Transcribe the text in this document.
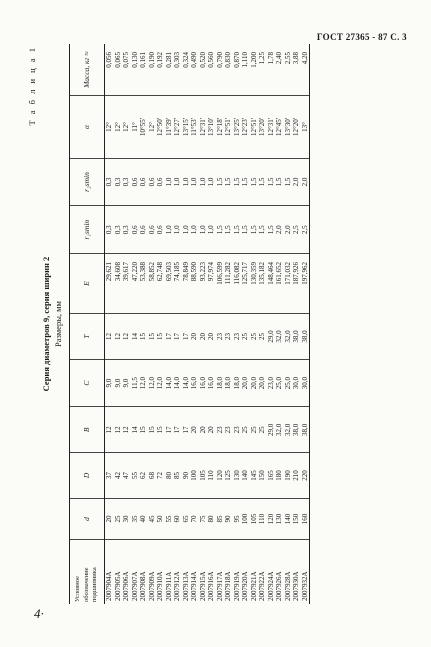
ГОСТ 27365 - 87 С. 3
Т а б л и ц а 1
Серия диаметров 9, серия ширин 2 Размеры, мм
Условное обозначение подшипника	d	D	B	C	T	E	r₁smin	r₂smin	α	Масса, кг ≈
2007904A	20	37	12	9,0	12	29,621	0,3	0,3	12°	0,056
2007905A	25	42	12	9,0	12	34,608	0,3	0,3	12°	0,065
2007906A	30	47	12	9,0	12	39,617	0,3	0,3	12°	0,075
2007907A	35	55	14	11,5	14	47,220	0,6	0,6	11°	0,130
2007908A	40	62	15	12,0	15	53,388	0,6	0,6	10°55'	0,161
2007909A	45	68	15	12,0	15	58,852	0,6	0,6	12°	0,190
2007910A	50	72	15	12,0	15	62,748	0,6	0,6	12°50'	0,192
2007911A	55	80	17	14,0	17	69,503	1,0	1,0	11°39'	0,281
2007912A	60	85	17	14,0	17	74,185	1,0	1,0	12°27'	0,303
2007913A	65	90	17	14,0	17	78,849	1,0	1,0	13°15'	0,324
2007914A	70	100	20	16,0	20	88,590	1,0	1,0	11°53'	0,490
2007915A	75	105	20	16,0	20	93,223	1,0	1,0	12°31'	0,520
2007916A	80	110	20	16,0	20	97,974	1,0	1,0	13°10'	0,560
2007917A	85	120	23	18,0	23	106,599	1,5	1,5	12°18'	0,790
2007918A	90	125	23	18,0	23	111,282	1,5	1,5	12°51'	0,830
2007919A	95	130	23	18,0	23	116,082	1,5	1,5	13°25'	0,870
2007920A	100	140	25	20,0	25	125,717	1,5	1,5	12°23'	1,110
2007921A	105	145	25	20,0	25	130,359	1,5	1,5	12°51'	1,200
2007922A	110	150	25	20,0	25	135,182	1,5	1,5	13°20'	1,25
2007924A	120	165	29,0	23,0	29,0	148,464	1,5	1,5	12°31'	1,78
2007926A	130	180	32,0	25,0	32,0	161,652	2,0	1,5	12°45'	2,40
2007928A	140	190	32,0	25,0	32,0	171,032	2,0	1,5	13°30'	2,55
2007930A	150	210	38,0	30,0	38,0	187,926	2,5	2,0	12°20'	3,88
2007932A	160	220	38,0	30,0	38,0	197,962	2,5	2,0	13°	4,20
4·
